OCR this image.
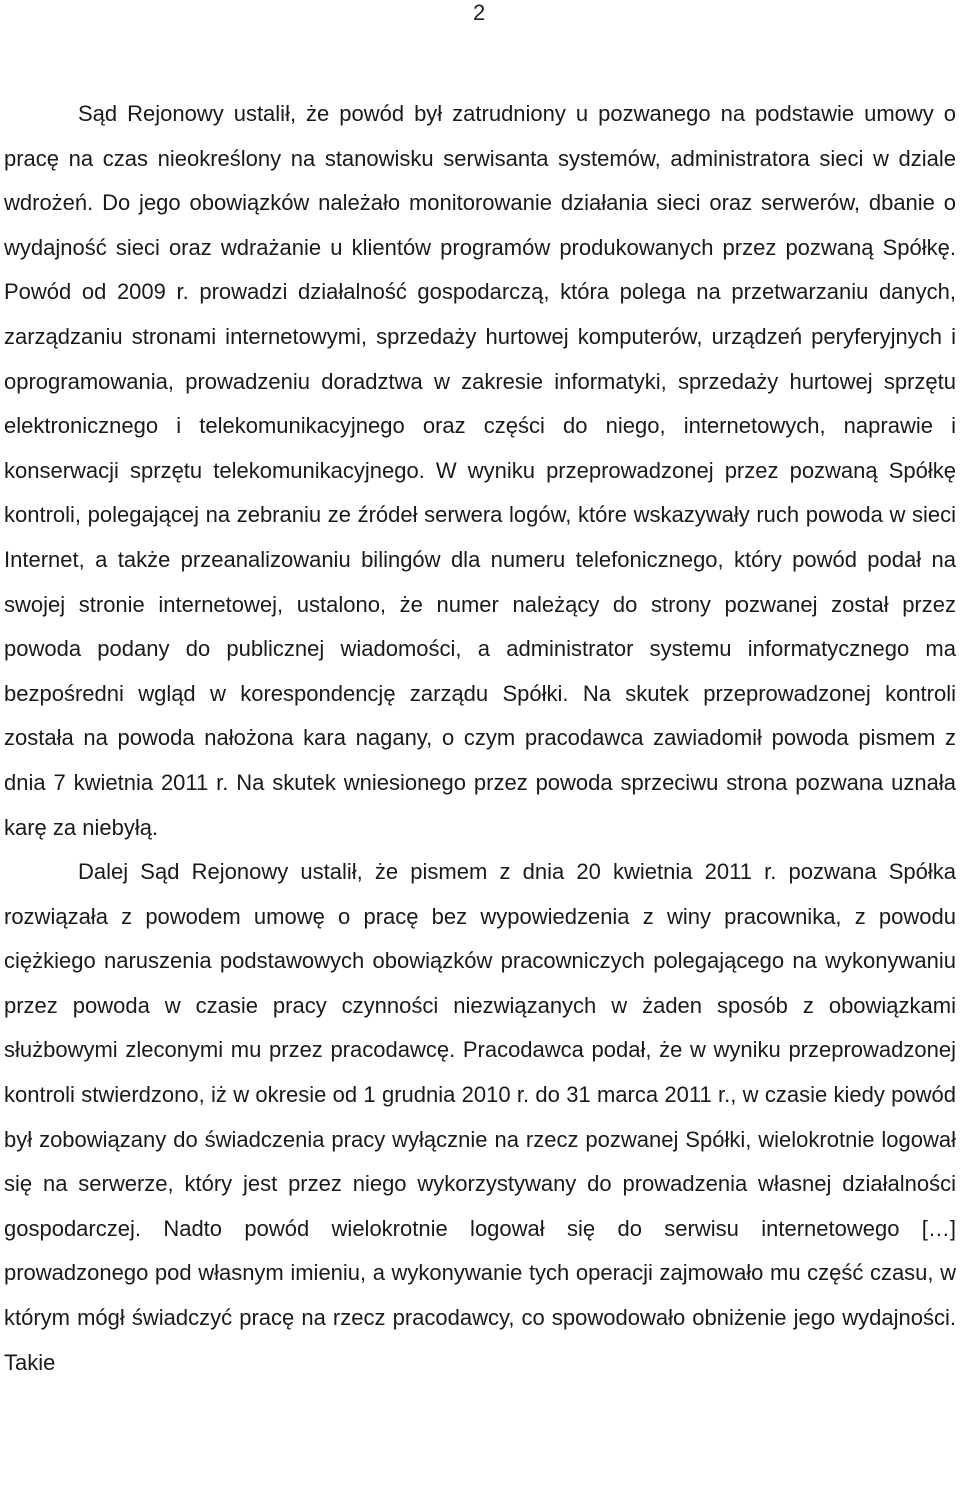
2

Sąd Rejonowy ustalił, że powód był zatrudniony u pozwanego na podstawie umowy o pracę na czas nieokreślony na stanowisku serwisanta systemów, administratora sieci w dziale wdrożeń. Do jego obowiązków należało monitorowanie działania sieci oraz serwerów, dbanie o wydajność sieci oraz wdrażanie u klientów programów produkowanych przez pozwaną Spółkę. Powód od 2009 r. prowadzi działalność gospodarczą, która polega na przetwarzaniu danych, zarządzaniu stronami internetowymi, sprzedaży hurtowej komputerów, urządzeń peryferyjnych i oprogramowania, prowadzeniu doradztwa w zakresie informatyki, sprzedaży hurtowej sprzętu elektronicznego i telekomunikacyjnego oraz części do niego, internetowych, naprawie i konserwacji sprzętu telekomunikacyjnego. W wyniku przeprowadzonej przez pozwaną Spółkę kontroli, polegającej na zebraniu ze źródeł serwera logów, które wskazywały ruch powoda w sieci Internet, a także przeanalizowaniu bilingów dla numeru telefonicznego, który powód podał na swojej stronie internetowej, ustalono, że numer należący do strony pozwanej został przez powoda podany do publicznej wiadomości, a administrator systemu informatycznego ma bezpośredni wgląd w korespondencję zarządu Spółki. Na skutek przeprowadzonej kontroli została na powoda nałożona kara nagany, o czym pracodawca zawiadomił powoda pismem z dnia 7 kwietnia 2011 r. Na skutek wniesionego przez powoda sprzeciwu strona pozwana uznała karę za niebyłą.

Dalej Sąd Rejonowy ustalił, że pismem z dnia 20 kwietnia 2011 r. pozwana Spółka rozwiązała z powodem umowę o pracę bez wypowiedzenia z winy pracownika, z powodu ciężkiego naruszenia podstawowych obowiązków pracowniczych polegającego na wykonywaniu przez powoda w czasie pracy czynności niezwiązanych w żaden sposób z obowiązkami służbowymi zleconymi mu przez pracodawcę. Pracodawca podał, że w wyniku przeprowadzonej kontroli stwierdzono, iż w okresie od 1 grudnia 2010 r. do 31 marca 2011 r., w czasie kiedy powód był zobowiązany do świadczenia pracy wyłącznie na rzecz pozwanej Spółki, wielokrotnie logował się na serwerze, który jest przez niego wykorzystywany do prowadzenia własnej działalności gospodarczej. Nadto powód wielokrotnie logował się do serwisu internetowego […] prowadzonego pod własnym imieniu, a wykonywanie tych operacji zajmowało mu część czasu, w którym mógł świadczyć pracę na rzecz pracodawcy, co spowodowało obniżenie jego wydajności. Takie
